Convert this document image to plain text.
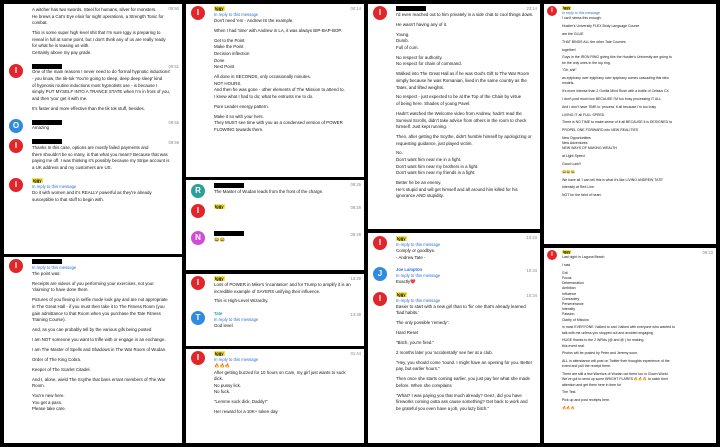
09:50
A witcher has two swords. Steel for humans, silver for monsters.
He brews a Cat's Eye elixir for night operations, a Strength Tonic for
combat.
This is some super high level shit that I'm sure Iggy is preparing to
reveal in full at some point, but I don't think any of us are really ready
for what he is teasing us with.
Certainly above my pay grade.
I	09:51
One of the main reasons I never need to do 'formal hypnotic inductions'
- you know, the tik-tok 'You're going to sleep, deep deep sleep' kind
of hypnosis routine inductions most hypnotists use - is because I
simply PUT MYSELF INTO A TRANCE STATE when I'm in front of you,
and then 'you' get it with me.
It's faster and more effective than the tik tok stuff, besides.
O	09:55
Amazing
I	09:59
Thanks In this case, options are mostly failed payments and
there shouldn't be so many, is that what you mean? Because that was
paying me off. I was thinking it's possibly because my Stripe account is
a UK address and my customers are US.
I	Iggy
In reply to this message
Do it with women and it's REALLY powerful as they're already
susceptible to that stuff to begin with.
I	In reply to this message
The point was:
Receipts are videos of you performing your exercises, not your
'claiming' to have done them.
Pictures of you flexing in selfie mode look gay and are not appropriate
in The Great Hall - if you must then take it to The Fitness Room (you
gain admittance to that Room when you purchase the Tate Fitness
Training Course).
And, as you can probably tell by the various gifs being posted
I am NOT someone you want to trifle with or engage in an exchange.
I am The Master of Spells and Shadows in The War Room of Wudan.
Order of The King Cobra.
Keeper of The Scarlet Citadel.
And I, alone, wield The Scythe that bans errant members of The War
Room.
You're new here.
You get a pass.
Please take care.
I	00:14
Iggy
In reply to this message
Don't need 'em - Andrew IS the example.
When I had 'time' with Andrew in LA, it was always BIP-BAP-BOP.
Get to the Point
Make the Point
Decision inflection
Done
Next Point
All done in SECONDS, only occasionally minutes.
NOT HOURS.
And then he was gone - other elements of The Mission to attend to.
I knew what I had to do; what he entrusts me to do.
Pure Leader energy pattern.
Make it so with your hers.
They MUST see time with you as a condensed version of POWER
FLOWING towards them.
R
08:26
The Master of Wudan leads from the front of the charge.
I	08:28
Iggy
N	08:29
😂😂
I	13:29
Iggy
Loss of POWER in Mike's 'incantation' and for Trump to amplify it is an
incredible example of SAYERS unifying their influence.
This is High-Level Wizardry.
T	13:38
Tate
In reply to this message
God level.
I	01:44
Iggy
In reply to this message
🔥🔥🔥
After getting buzzed for 10 hours on Cam, my girl just wants to suck
dick.
No pussy lick.
No fuck.
"Lemme suck dick, Daddy!"
Her reward for a 10K+ token day.
I	23:14
I'd even reached out to him privately in a side chat to cool things down.
He wasn't having any of it.
Young.
Dumb.
Full of cum.
No respect for authority.
No respect for chain of command.
Walked into The Great Hall as if he was God's Gift to The War Room
simply because he was Romanian, lived in the same country as the
Tates, and lifted weights.
No respect - just expected to be at the Top of the Chain by virtue
of being here. Shades of young Pavel.
Hadn't watched the Welcome video from Andrew, hadn't read the
Survival Scrolls, didn't take advice from others in the room to check
himself. Just kept running.
Then, after getting the Scythe, didn't humble himself by apologizing or
requesting guidance, just played victim.
No.
Don't want him near me in a fight.
Don't want him near my brothers in a fight.
Don't want him near my friends in a fight.
Better he be an enemy.
He's stupid and will get himself and all around him killed for his
ignorance AND stupidity.
I
10:23
Iggy
In reply to this message
Comply or goodbye.
- Andrew Tate -
J	10:34
Joe Lampton
In reply to this message
Exactly❤️
I	10:34
Iggy
In reply to this message
Easier to start with a new girl than to 'fix' one that's already learned
'bad habits.'
The only possible 'remedy':
Hard Reset
"Bitch, you're fired."
2 months later you 'accidentally' see her at a club.
"Hey, you should come 'round. I might have an opening for you. Better
pay, but earlier hours."
Then once she starts coming earlier, you just pay her what she made
before. When she complains
"What? I was paying you that much already? Geez, did you have
fireworks coming outta ass cause something? Get back to work and
be grateful you even have a job, you lazy bitch."
I	Iggy
In reply to this message
I can't stress this enough.
Hustler's University FLEX Body Language Course
are the GLUE
THAT BINDS ALL the other Tate Courses
together!
Guys in the IRON RING giving this the Hustler's University are going to
be the only ones in the top ring.
"Oh, shit"
as epiphany over epiphany over epiphany comes cascading this ideo
models.
It's more intense than 2 Gorilla Mind Rush with a bottle of Celsius CX.
I don't post much low BECAUSE I'M too busy processing IT ALL.
And I don't have TIME to 'process' it all because I'm too busy
LIVING IT all FULL SPEED.
There is NO TIME to make sense of it all BECAUSE it is DESIGNED to
PROPEL ONE FORWARD into NEW REALITIES
New Opportunities
New Adventures
NEW WAYS OF MAKING WEALTH
at Light Speed.
Good Luck!!
😂😂😂
We have all 'I can tell this is what it's like LIVING ANDREW TATE'
Intensity at Red Line.
NOT for the faint of heart.
I	09:23
Iggy
Last night in Laguna Beach
I saw
Grit
Focus
Determination
Ambition
Influence
Comradery
Perseverance
Intensity
Passion
Clarity of Mission
in most EVERYONE I talked to and I talked with everyone who wanted to
talk with me unless you stopped out and avoided engaging.
HUGE thanks to the 2 WRAs (@ and @ ) for making
this event real.
Photos will be posted by Peter and Jeremy soon.
ALL in attendance will post on Twitter their thoughts experience of the
event and pull the receipt there.
There are still a few Warriors of Wudan out there too in Clown World.
We've got to send up some BRIGHT FLARES 🔥🔥🔥 to catch their
attention and get them here in time for
The Test.
Pick up and post receipts here.
🔥🔥🔥
